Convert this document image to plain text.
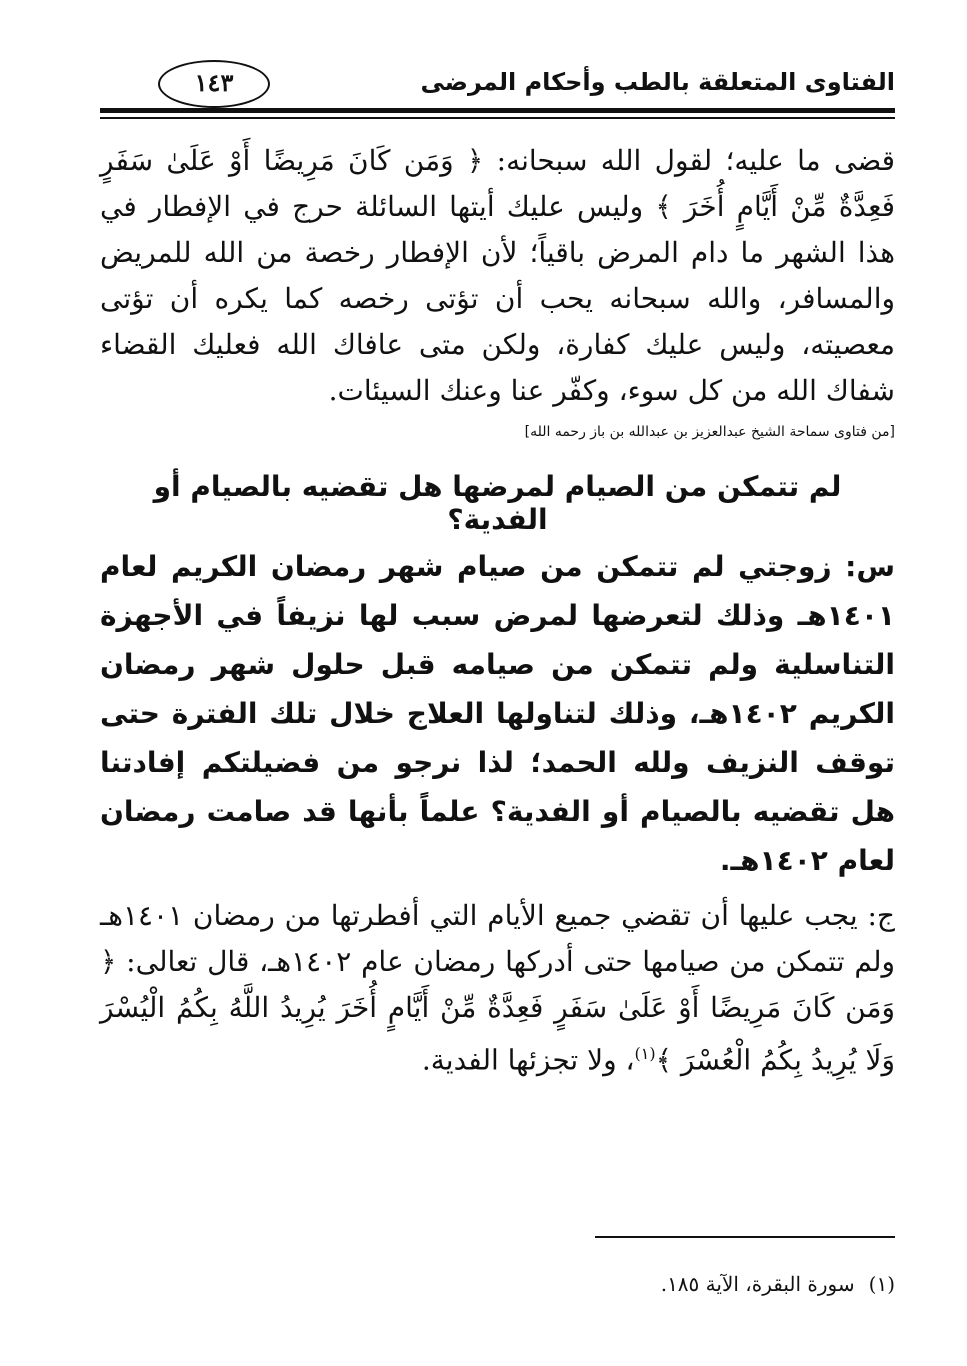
الفتاوى المتعلقة بالطب وأحكام المرضى
١٤٣

قضى ما عليه؛ لقول الله سبحانه: ﴿ وَمَن كَانَ مَرِيضًا أَوْ عَلَىٰ سَفَرٍ فَعِدَّةٌ مِّنْ أَيَّامٍ أُخَرَ ﴾ وليس عليك أيتها السائلة حرج في الإفطار في هذا الشهر ما دام المرض باقياً؛ لأن الإفطار رخصة من الله للمريض والمسافر، والله سبحانه يحب أن تؤتى رخصه كما يكره أن تؤتى معصيته، وليس عليك كفارة، ولكن متى عافاك الله فعليك القضاء شفاك الله من كل سوء، وكفّر عنا وعنك السيئات.

[من فتاوى سماحة الشيخ عبدالعزيز بن عبدالله بن باز رحمه الله]

لم تتمكن من الصيام لمرضها هل تقضيه بالصيام أو الفدية؟

س: زوجتي لم تتمكن من صيام شهر رمضان الكريم لعام ١٤٠١هـ وذلك لتعرضها لمرض سبب لها نزيفاً في الأجهزة التناسلية ولم تتمكن من صيامه قبل حلول شهر رمضان الكريم ١٤٠٢هـ، وذلك لتناولها العلاج خلال تلك الفترة حتى توقف النزيف ولله الحمد؛ لذا نرجو من فضيلتكم إفادتنا هل تقضيه بالصيام أو الفدية؟ علماً بأنها قد صامت رمضان لعام ١٤٠٢هـ.

ج: يجب عليها أن تقضي جميع الأيام التي أفطرتها من رمضان ١٤٠١هـ ولم تتمكن من صيامها حتى أدركها رمضان عام ١٤٠٢هـ، قال تعالى: ﴿ وَمَن كَانَ مَرِيضًا أَوْ عَلَىٰ سَفَرٍ فَعِدَّةٌ مِّنْ أَيَّامٍ أُخَرَ يُرِيدُ اللَّهُ بِكُمُ الْيُسْرَ وَلَا يُرِيدُ بِكُمُ الْعُسْرَ ﴾$^{(١)}$، ولا تجزئها الفدية.

(١)سورة البقرة، الآية ١٨٥.
